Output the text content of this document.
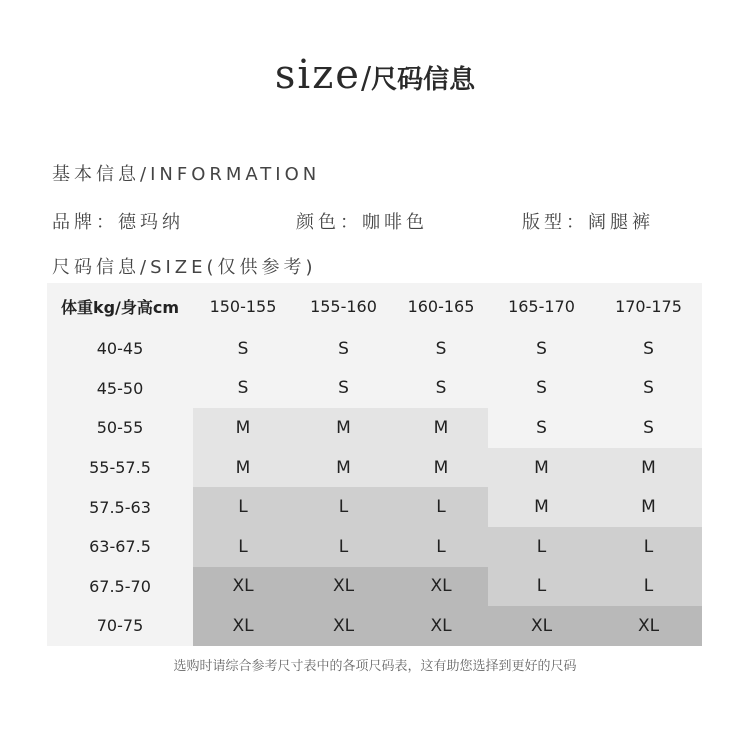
size/尺码信息
基本信息/INFORMATION
品牌：德玛纳	颜色：咖啡色	版型：阔腿裤
尺码信息/SIZE(仅供参考)
体重kg/身高cm	150-155	155-160	160-165	165-170	170-175
40-45	S	S	S	S	S
45-50	S	S	S	S	S
50-55	M	M	M	S	S
55-57.5	M	M	M	M	M
57.5-63	L	L	L	M	M
63-67.5	L	L	L	L	L
67.5-70	XL	XL	XL	L	L
70-75	XL	XL	XL	XL	XL
选购时请综合参考尺寸表中的各项尺码表，这有助您选择到更好的尺码
